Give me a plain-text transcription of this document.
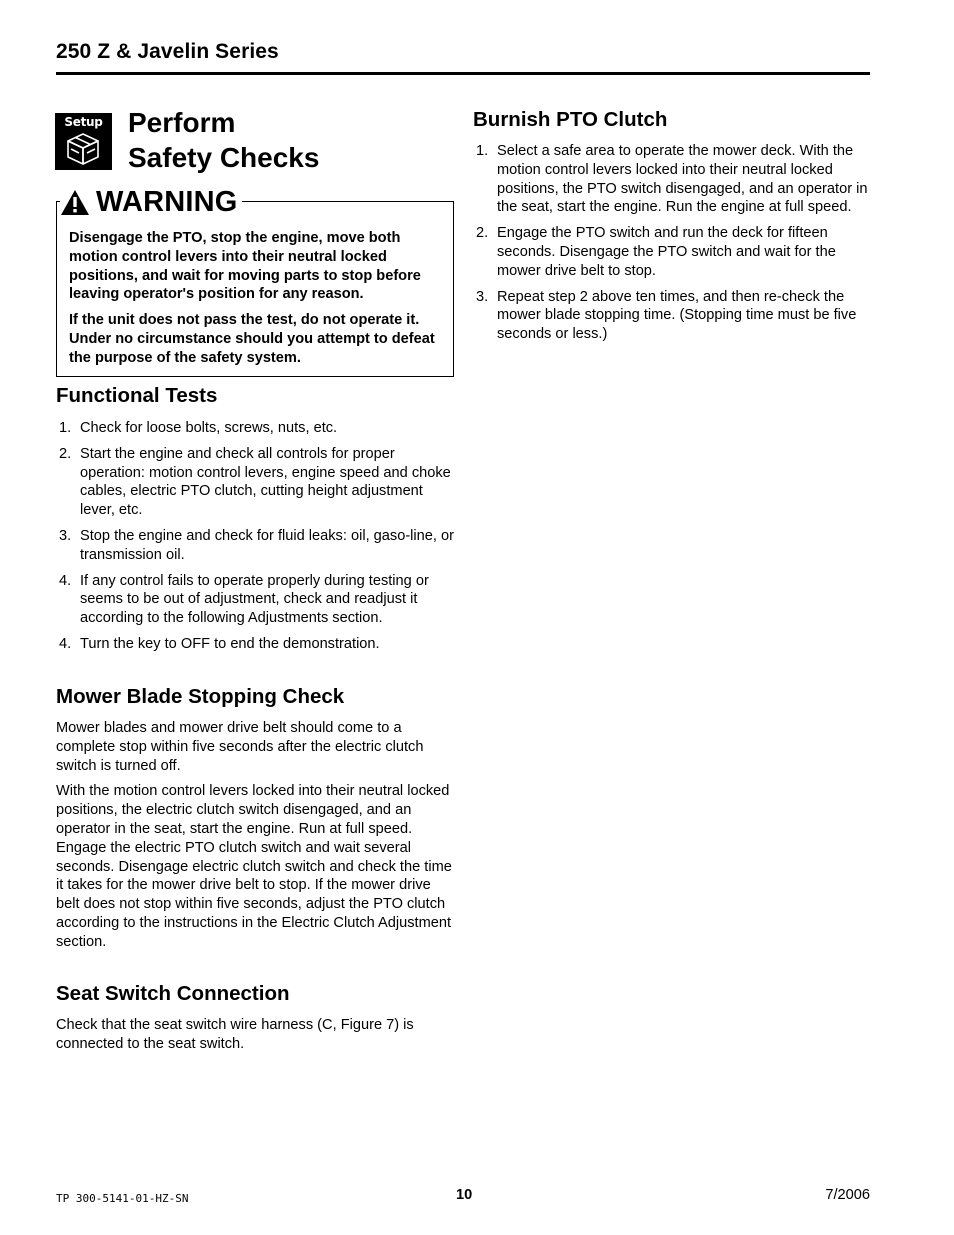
250 Z & Javelin Series
Setup Perform
Safety Checks
WARNING

Disengage the PTO, stop the engine, move both motion control levers into their neutral locked positions, and wait for moving parts to stop before leaving operator's position for any reason.

If the unit does not pass the test, do not operate it. Under no circumstance should you attempt to defeat the purpose of the safety system.

Functional Tests
1. Check for loose bolts, screws, nuts, etc.
2. Start the engine and check all controls for proper operation: motion control levers, engine speed and choke cables, electric PTO clutch, cutting height adjustment lever, etc.
3. Stop the engine and check for fluid leaks: oil, gaso-line, or transmission oil.
4. If any control fails to operate properly during testing or seems to be out of adjustment, check and readjust it according to the following Adjustments section.
4. Turn the key to OFF to end the demonstration.
Mower Blade Stopping Check

Mower blades and mower drive belt should come to a complete stop within five seconds after the electric clutch switch is turned off.

With the motion control levers locked into their neutral locked positions, the electric clutch switch disengaged, and an operator in the seat, start the engine. Run at full speed. Engage the electric PTO clutch switch and wait several seconds. Disengage electric clutch switch and check the time it takes for the mower drive belt to stop. If the mower drive belt does not stop within five seconds, adjust the PTO clutch according to the instructions in the Electric Clutch Adjustment section.

Seat Switch Connection

Check that the seat switch wire harness (C, Figure 7) is connected to the seat switch.

Burnish PTO Clutch
1. Select a safe area to operate the mower deck. With the motion control levers locked into their neutral locked positions, the PTO switch disengaged, and an operator in the seat, start the engine. Run the engine at full speed.
2. Engage the PTO switch and run the deck for fifteen seconds. Disengage the PTO switch and wait for the mower drive belt to stop.
3. Repeat step 2 above ten times, and then re-check the mower blade stopping time. (Stopping time must be five seconds or less.)
TP 300-5141-01-HZ-SN	10	7/2006
